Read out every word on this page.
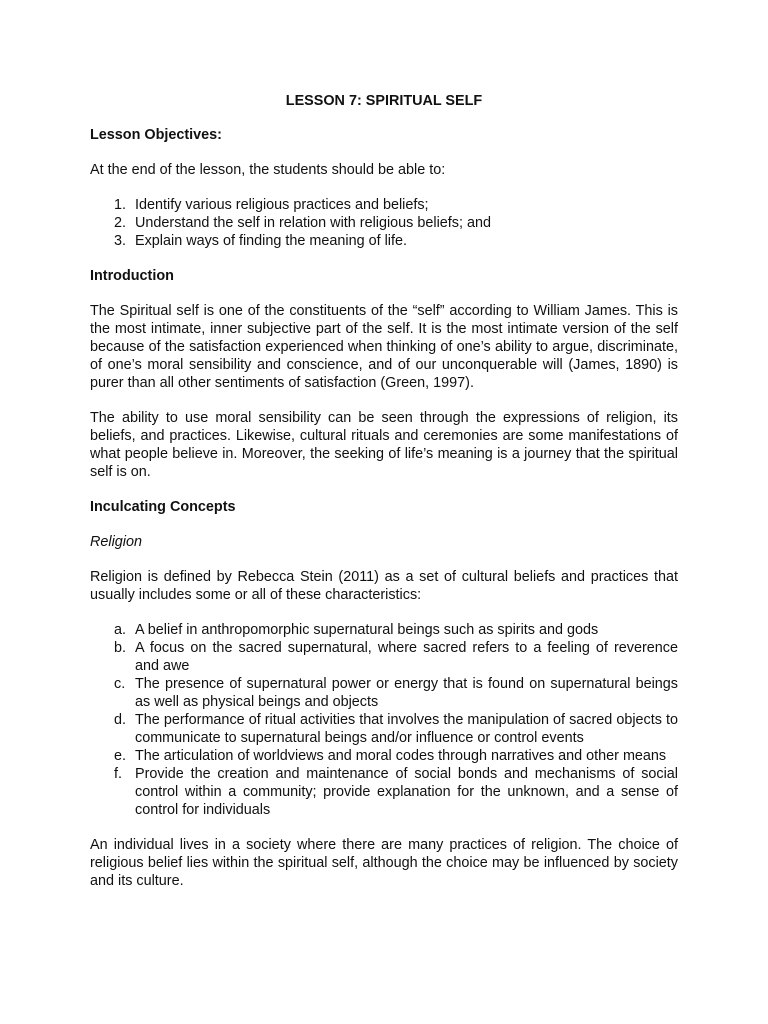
LESSON 7: SPIRITUAL SELF
Lesson Objectives:

At the end of the lesson, the students should be able to:

1. Identify various religious practices and beliefs;
2. Understand the self in relation with religious beliefs; and
3. Explain ways of finding the meaning of life.
Introduction

The Spiritual self is one of the constituents of the “self” according to William James. This is the most intimate, inner subjective part of the self. It is the most intimate version of the self because of the satisfaction experienced when thinking of one’s ability to argue, discriminate, of one’s moral sensibility and conscience, and of our unconquerable will (James, 1890) is purer than all other sentiments of satisfaction (Green, 1997).

The ability to use moral sensibility can be seen through the expressions of religion, its beliefs, and practices. Likewise, cultural rituals and ceremonies are some manifestations of what people believe in. Moreover, the seeking of life’s meaning is a journey that the spiritual self is on.

Inculcating Concepts
Religion

Religion is defined by Rebecca Stein (2011) as a set of cultural beliefs and practices that usually includes some or all of these characteristics:

a. A belief in anthropomorphic supernatural beings such as spirits and gods
b. A focus on the sacred supernatural, where sacred refers to a feeling of reverence and awe
c. The presence of supernatural power or energy that is found on supernatural beings as well as physical beings and objects
d. The performance of ritual activities that involves the manipulation of sacred objects to communicate to supernatural beings and/or influence or control events
e. The articulation of worldviews and moral codes through narratives and other means
f. Provide the creation and maintenance of social bonds and mechanisms of social control within a community; provide explanation for the unknown, and a sense of control for individuals

An individual lives in a society where there are many practices of religion. The choice of religious belief lies within the spiritual self, although the choice may be influenced by society and its culture.
